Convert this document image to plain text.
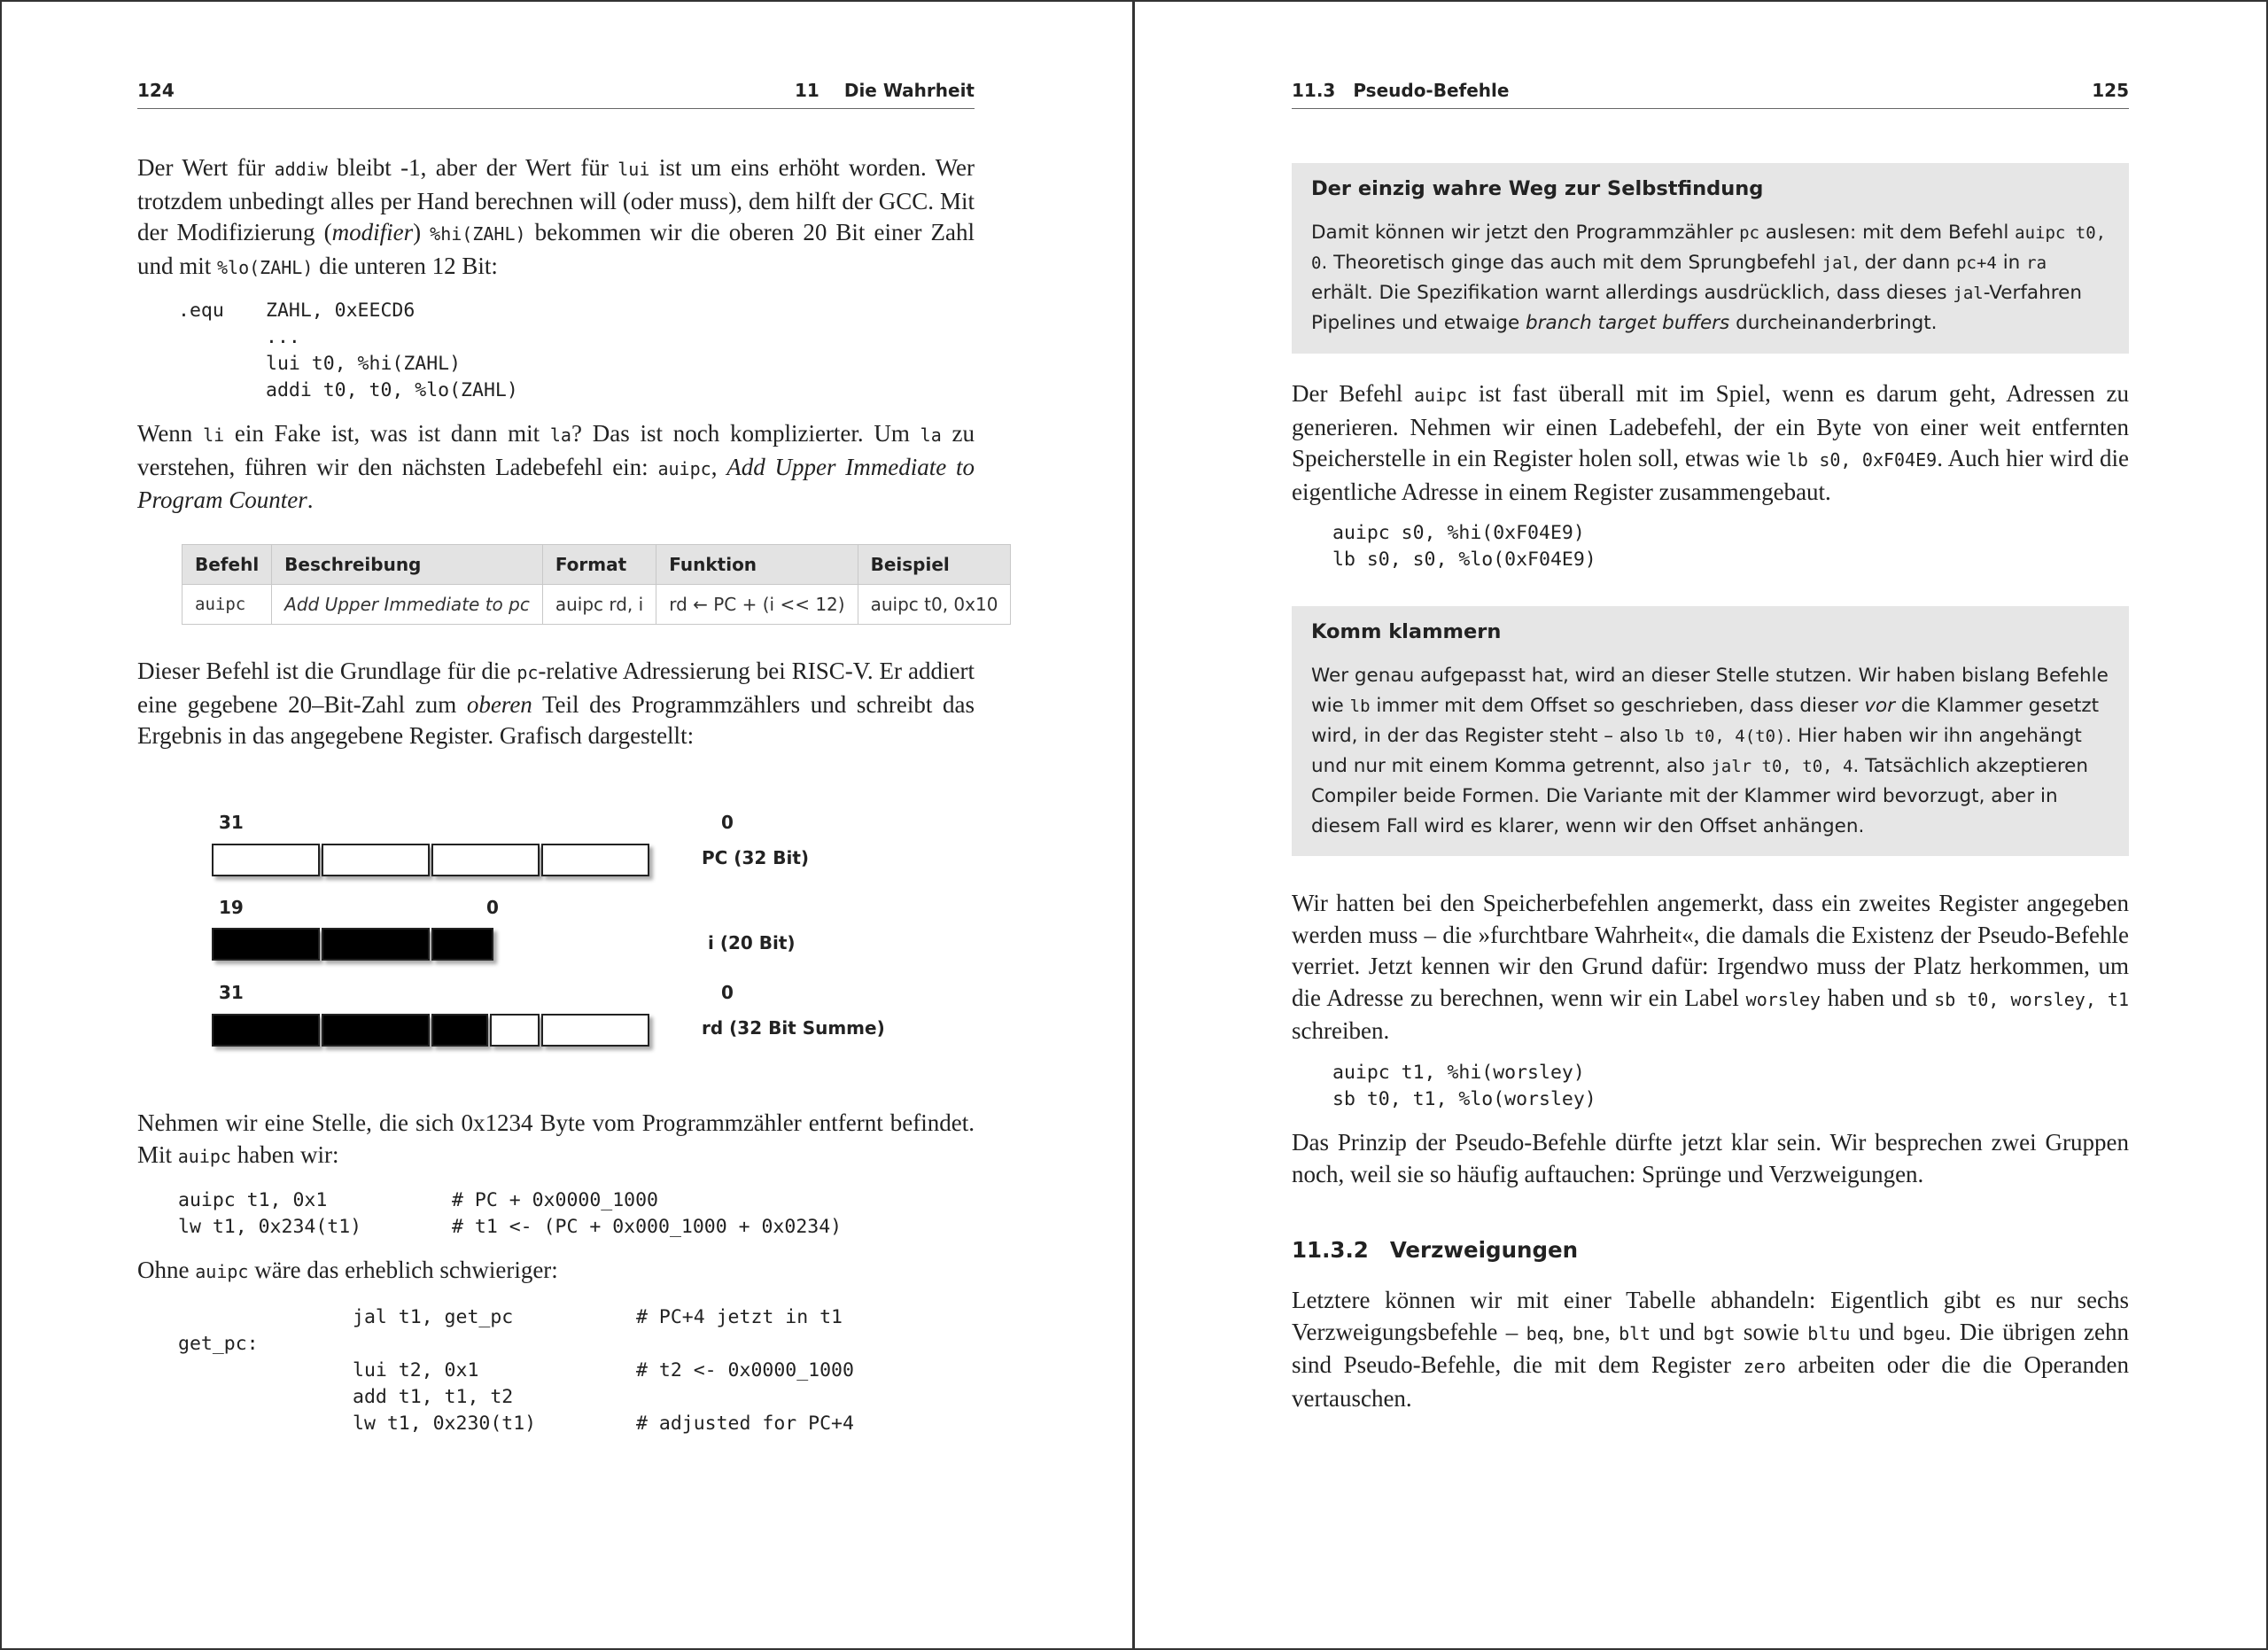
124	11 Die Wahrheit
Der Wert für addiw bleibt -1, aber der Wert für lui ist um eins erhöht worden. Wer trotzdem unbedingt alles per Hand berechnen will (oder muss), dem hilft der GCC. Mit der Modifizierung (modifier) %hi(ZAHL) bekommen wir die oberen 20 Bit einer Zahl und mit %lo(ZAHL) die unteren 12 Bit:
.equ ZAHL, 0xEECD6
...
lui t0, %hi(ZAHL)
addi t0, t0, %lo(ZAHL)
Wenn li ein Fake ist, was ist dann mit la? Das ist noch komplizierter. Um la zu verstehen, führen wir den nächsten Ladebefehl ein: auipc, Add Upper Immediate to Program Counter.
Befehl	Beschreibung	Format	Funktion	Beispiel
auipc	Add Upper Immediate to pc	auipc rd, i	rd ← PC + (i << 12)	auipc t0, 0x10
Dieser Befehl ist die Grundlage für die pc-relative Adressierung bei RISC-V. Er addiert eine gegebene 20–Bit-Zahl zum oberen Teil des Programmzählers und schreibt das Ergebnis in das angegebene Register. Grafisch dargestellt:
31	0
PC (32 Bit)
19	0
i (20 Bit)
31	0
rd (32 Bit Summe)
Nehmen wir eine Stelle, die sich 0x1234 Byte vom Programmzähler entfernt befindet. Mit auipc haben wir:
auipc t1, 0x1	# PC + 0x0000_1000
lw t1, 0x234(t1)	# t1 <- (PC + 0x000_1000 + 0x0234)
Ohne auipc wäre das erheblich schwieriger:
jal t1, get_pc	# PC+4 jetzt in t1
get_pc:
lui t2, 0x1	# t2 <- 0x0000_1000
add t1, t1, t2
lw t1, 0x230(t1)	# adjusted for PC+4
11.3 Pseudo-Befehle	125
Der einzig wahre Weg zur Selbstfindung
Damit können wir jetzt den Programmzähler pc auslesen: mit dem Befehl auipc t0, 0. Theoretisch ginge das auch mit dem Sprungbefehl jal, der dann pc+4 in ra erhält. Die Spezifikation warnt allerdings ausdrücklich, dass dieses jal-Verfahren Pipelines und etwaige branch target buffers durcheinanderbringt.
Der Befehl auipc ist fast überall mit im Spiel, wenn es darum geht, Adressen zu generieren. Nehmen wir einen Ladebefehl, der ein Byte von einer weit entfernten Speicherstelle in ein Register holen soll, etwas wie lb s0, 0xF04E9. Auch hier wird die eigentliche Adresse in einem Register zusammengebaut.
auipc s0, %hi(0xF04E9)
lb s0, s0, %lo(0xF04E9)
Komm klammern
Wer genau aufgepasst hat, wird an dieser Stelle stutzen. Wir haben bislang Befehle wie lb immer mit dem Offset so geschrieben, dass dieser vor die Klammer gesetzt wird, in der das Register steht – also lb t0, 4(t0). Hier haben wir ihn angehängt und nur mit einem Komma getrennt, also jalr t0, t0, 4. Tatsächlich akzeptieren Compiler beide Formen. Die Variante mit der Klammer wird bevorzugt, aber in diesem Fall wird es klarer, wenn wir den Offset anhängen.
Wir hatten bei den Speicherbefehlen angemerkt, dass ein zweites Register angegeben werden muss – die »furchtbare Wahrheit«, die damals die Existenz der Pseudo-Befehle verriet. Jetzt kennen wir den Grund dafür: Irgendwo muss der Platz herkommen, um die Adresse zu berechnen, wenn wir ein Label worsley haben und sb t0, worsley, t1 schreiben.
auipc t1, %hi(worsley)
sb t0, t1, %lo(worsley)
Das Prinzip der Pseudo-Befehle dürfte jetzt klar sein. Wir besprechen zwei Gruppen noch, weil sie so häufig auftauchen: Sprünge und Verzweigungen.
11.3.2 Verzweigungen
Letztere können wir mit einer Tabelle abhandeln: Eigentlich gibt es nur sechs Verzweigungsbefehle – beq, bne, blt und bgt sowie bltu und bgeu. Die übrigen zehn sind Pseudo-Befehle, die mit dem Register zero arbeiten oder die die Operanden vertauschen.
